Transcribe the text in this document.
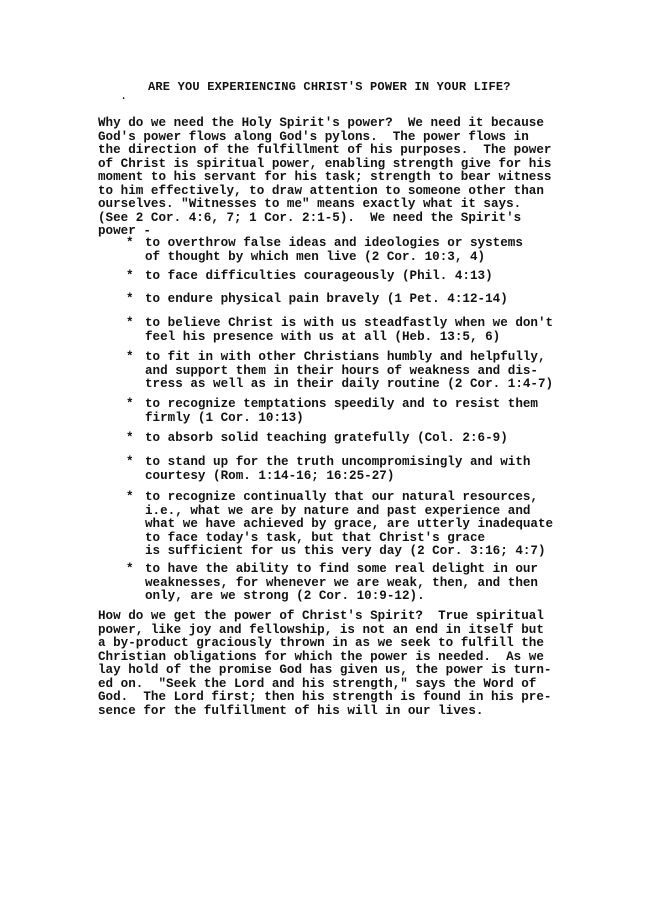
.
ARE YOU EXPERIENCING CHRIST'S POWER IN YOUR LIFE?
Why do we need the Holy Spirit's power?  We need it because
God's power flows along God's pylons.  The power flows in
the direction of the fulfillment of his purposes.  The power
of Christ is spiritual power, enabling strength give for his
moment to his servant for his task; strength to bear witness
to him effectively, to draw attention to someone other than
ourselves. "Witnesses to me" means exactly what it says.
(See 2 Cor. 4:6, 7; 1 Cor. 2:1-5).  We need the Spirit's
power -
* to overthrow false ideas and ideologies or systems
of thought by which men live (2 Cor. 10:3, 4)
* to face difficulties courageously (Phil. 4:13)
* to endure physical pain bravely (1 Pet. 4:12-14)
* to believe Christ is with us steadfastly when we don't
feel his presence with us at all (Heb. 13:5, 6)
* to fit in with other Christians humbly and helpfully,
and support them in their hours of weakness and dis-
tress as well as in their daily routine (2 Cor. 1:4-7)
* to recognize temptations speedily and to resist them
firmly (1 Cor. 10:13)
* to absorb solid teaching gratefully (Col. 2:6-9)
* to stand up for the truth uncompromisingly and with
courtesy (Rom. 1:14-16; 16:25-27)
* to recognize continually that our natural resources,
i.e., what we are by nature and past experience and
what we have achieved by grace, are utterly inadequate
to face today's task, but that Christ's grace
is sufficient for us this very day (2 Cor. 3:16; 4:7)
* to have the ability to find some real delight in our
weaknesses, for whenever we are weak, then, and then
only, are we strong (2 Cor. 10:9-12).
How do we get the power of Christ's Spirit?  True spiritual
power, like joy and fellowship, is not an end in itself but
a by-product graciously thrown in as we seek to fulfill the
Christian obligations for which the power is needed.  As we
lay hold of the promise God has given us, the power is turn-
ed on.  "Seek the Lord and his strength," says the Word of
God.  The Lord first; then his strength is found in his pre-
sence for the fulfillment of his will in our lives.
